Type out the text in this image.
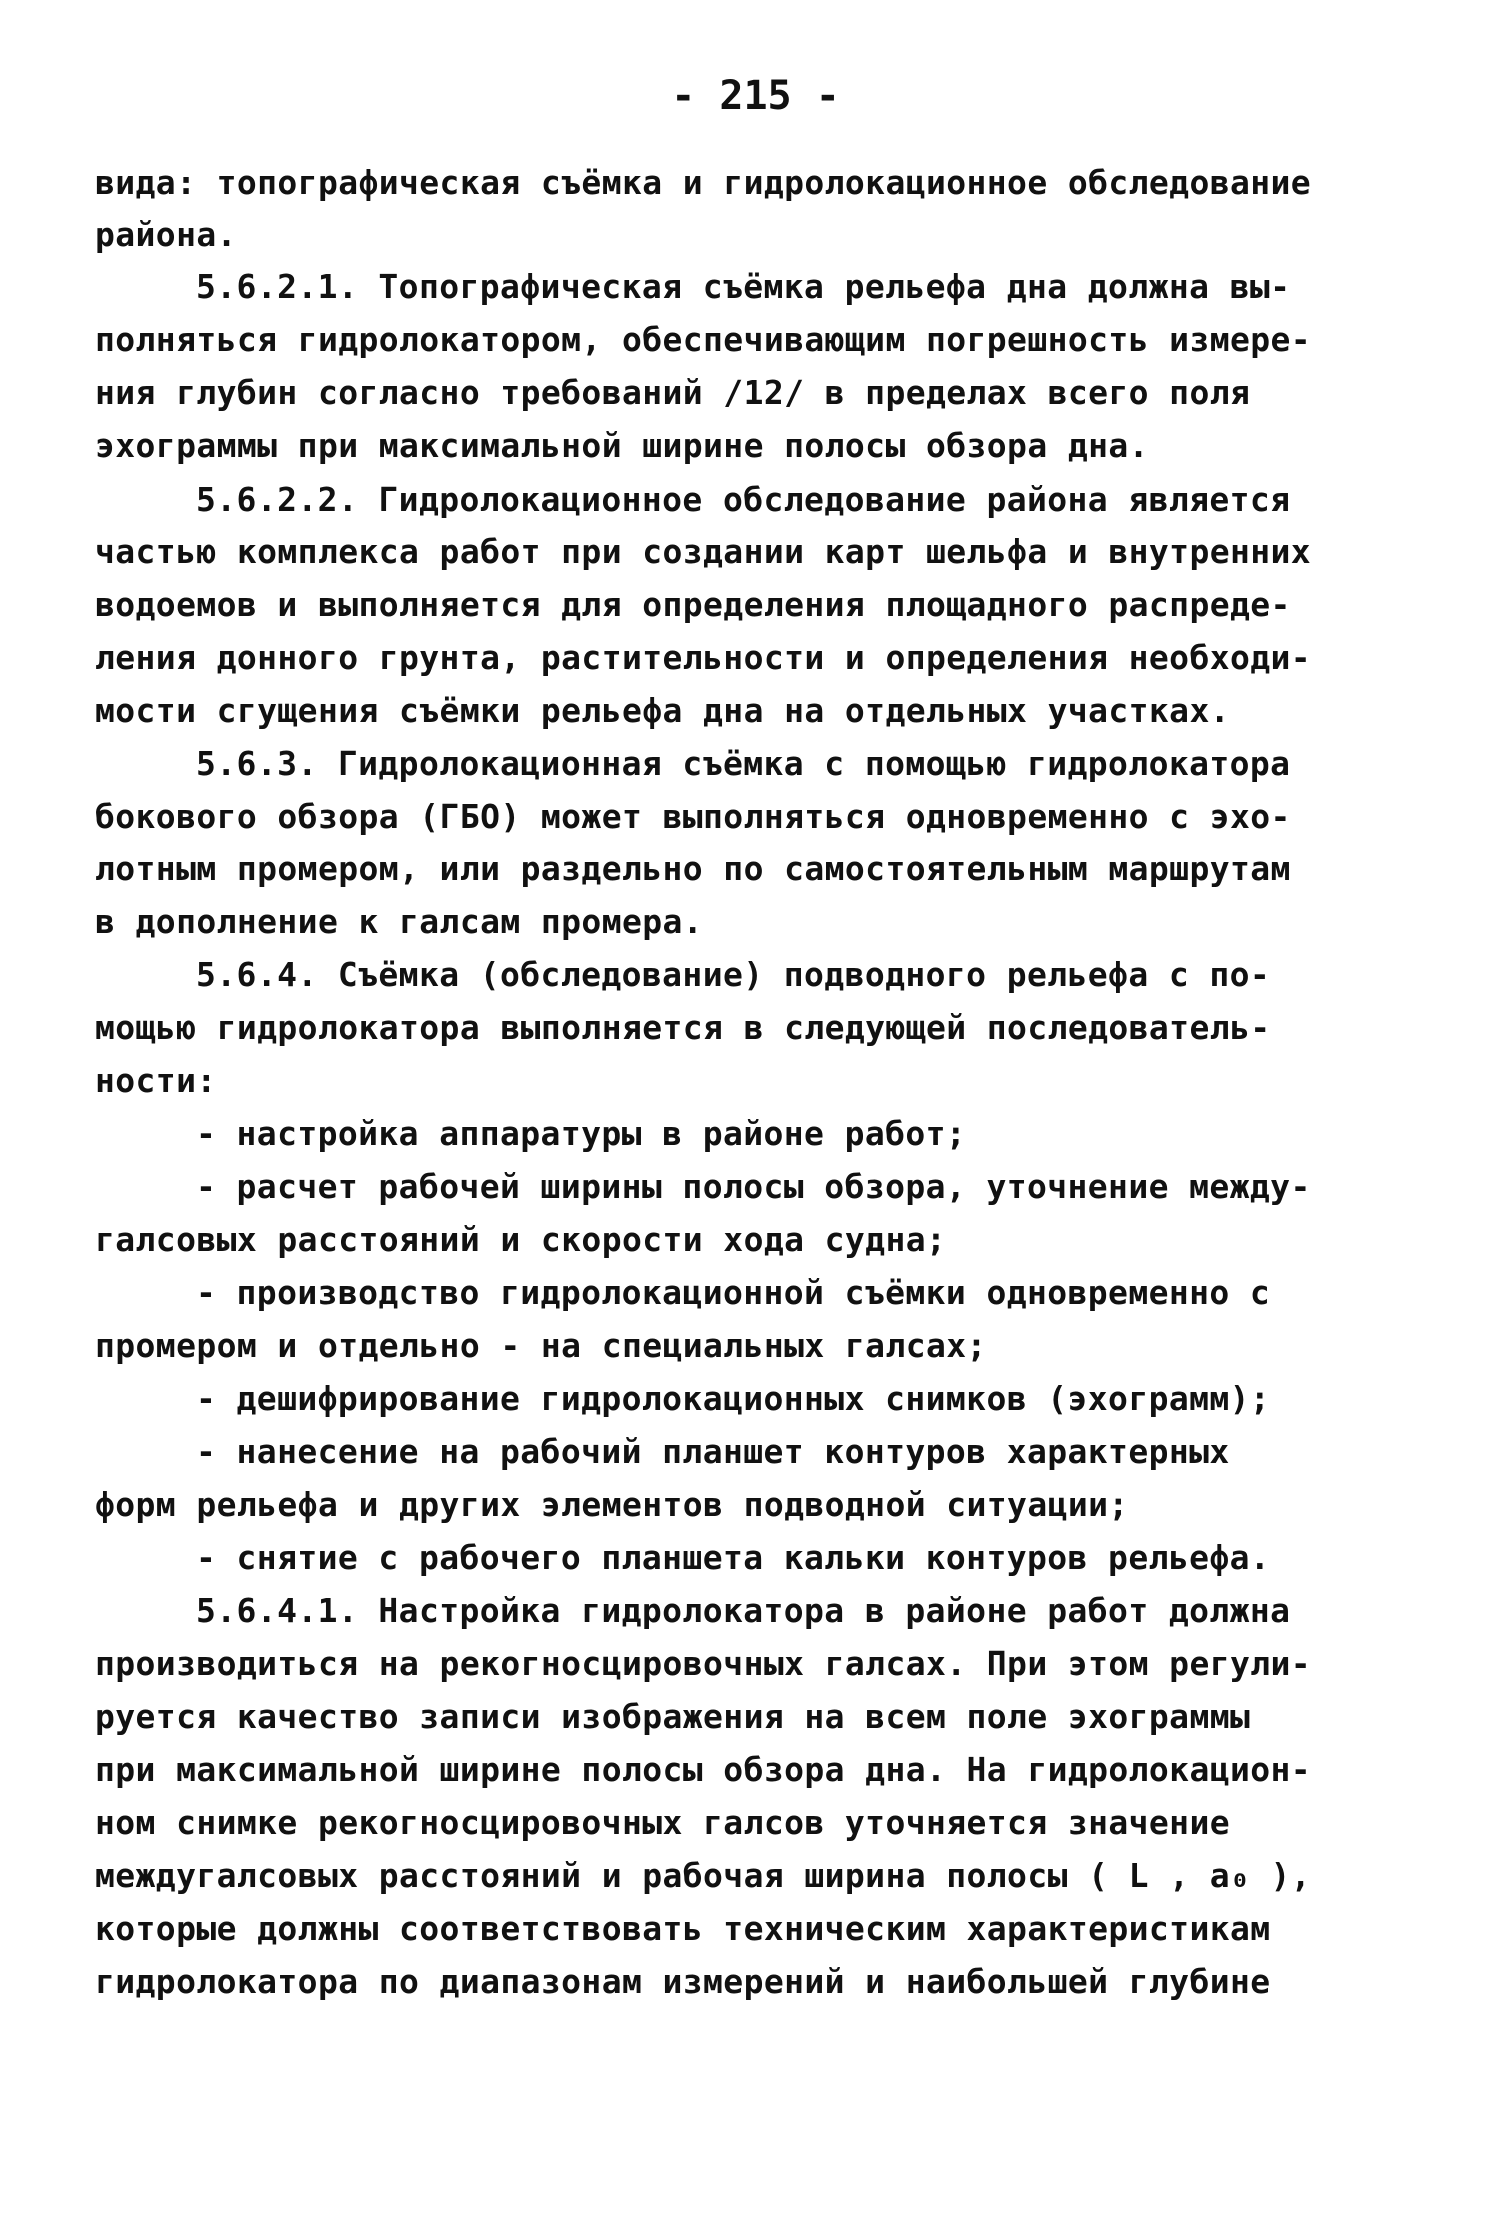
- 215 -
вида: топографическая съёмка и гидролокационное обследование
района.
5.6.2.1. Топографическая съёмка рельефа дна должна вы-
полняться гидролокатором, обеспечивающим погрешность измере-
ния глубин согласно требований /12/ в пределах всего поля
эхограммы при максимальной ширине полосы обзора дна.
5.6.2.2. Гидролокационное обследование района является
частью комплекса работ при создании карт шельфа и внутренних
водоемов и выполняется для определения площадного распреде-
ления донного грунта, растительности и определения необходи-
мости сгущения съёмки рельефа дна на отдельных участках.
5.6.3. Гидролокационная съёмка с помощью гидролокатора
бокового обзора (ГБО) может выполняться одновременно с эхо-
лотным промером, или раздельно по самостоятельным маршрутам
в дополнение к галсам промера.
5.6.4. Съёмка (обследование) подводного рельефа с по-
мощью гидролокатора выполняется в следующей последователь-
ности:
- настройка аппаратуры в районе работ;
- расчет рабочей ширины полосы обзора, уточнение между-
галсовых расстояний и скорости хода судна;
- производство гидролокационной съёмки одновременно с
промером и отдельно - на специальных галсах;
- дешифрирование гидролокационных снимков (эхограмм);
- нанесение на рабочий планшет контуров характерных
форм рельефа и других элементов подводной ситуации;
- снятие с рабочего планшета кальки контуров рельефа.
5.6.4.1. Настройка гидролокатора в районе работ должна
производиться на рекогносцировочных галсах. При этом регули-
руется качество записи изображения на всем поле эхограммы
при максимальной ширине полосы обзора дна. На гидролокацион-
ном снимке рекогносцировочных галсов уточняется значение
междугалсовых расстояний и рабочая ширина полосы ( L , a₀ ),
которые должны соответствовать техническим характеристикам
гидролокатора по диапазонам измерений и наибольшей глубине
